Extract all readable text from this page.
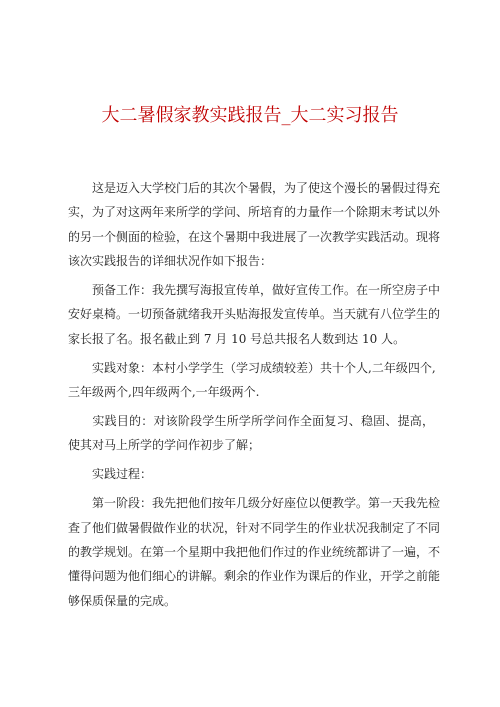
大二暑假家教实践报告_大二实习报告

　　这是迈入大学校门后的其次个暑假，为了使这个漫长的暑假过得充
实，为了对这两年来所学的学问、所培育的力量作一个除期末考试以外
的另一个侧面的检验，在这个暑期中我进展了一次教学实践活动。现将
该次实践报告的详细状况作如下报告：

　　预备工作：我先撰写海报宣传单，做好宣传工作。在一所空房子中
安好桌椅。一切预备就绪我开头贴海报发宣传单。当天就有八位学生的
家长报了名。报名截止到 7 月 10 号总共报名人数到达 10 人。

　　实践对象：本村小学学生（学习成绩较差）共十个人,二年级四个,
三年级两个,四年级两个,一年级两个.

　　实践目的：对该阶段学生所学所学问作全面复习、稳固、提高，
使其对马上所学的学问作初步了解；

　　实践过程：

　　第一阶段：我先把他们按年几级分好座位以便教学。第一天我先检
查了他们做暑假做作业的状况，针对不同学生的作业状况我制定了不同
的教学规划。在第一个星期中我把他们作过的作业统统都讲了一遍，不
懂得问题为他们细心的讲解。剩余的作业作为课后的作业，开学之前能
够保质保量的完成。
